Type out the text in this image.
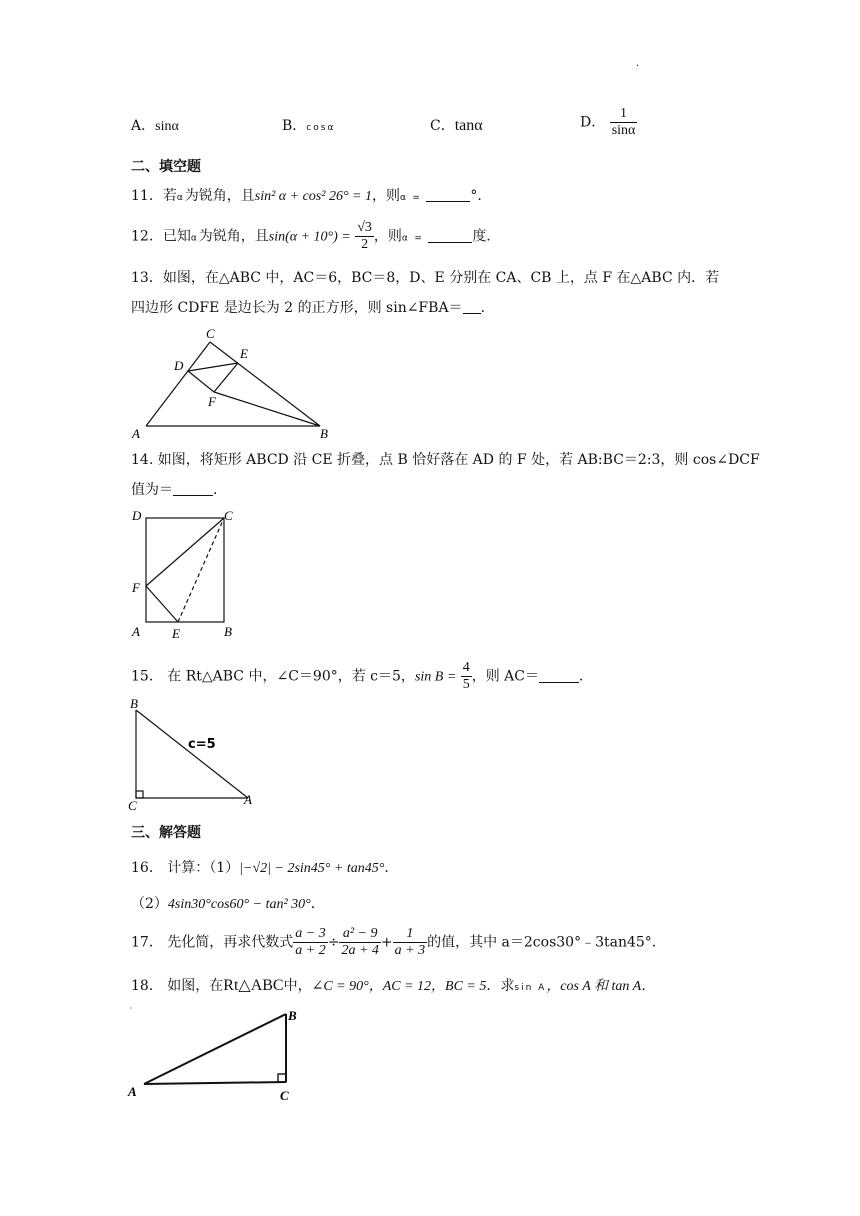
.
A．sinα	B．cosα	C．tanα	D． $\frac{1}{\sin\alpha}$
二、填空题
11．若α为锐角，且sin² α + cos² 26° = 1，则α =	°.
12．已知α为锐角，且$\sin(\alpha + 10^\circ) = \frac{√3}{2}$ ，则α =	度.
13．如图，在△ABC 中，AC＝6，BC＝8，D、E 分别在 CA、CB 上，点 F 在△ABC 内．若
四边形 CDFE 是边长为 2 的正方形，则 sin∠FBA＝ ．
C
D
E
F
A	B
14. 如图，将矩形 ABCD 沿 CE 折叠，点 B 恰好落在 AD 的 F 处，若 AB:BC＝2:3，则 cos∠DCF
值为＝	．
D	C
F
A E	B
15． 在 Rt△ABC 中，∠C＝90°，若 c＝5，$\sin B = \frac{4}{5}$ ，则 AC＝	．
B
C	A
c=5
三、解答题
16． 计算：（1）|−√2| − 2sin45° + tan45°．
（2）4sin30°cos60° − tan² 30°．
17． 先化简，再求代数式 $\frac{a - 3}{a + 2} \div \frac{\text{a² − 9}}{2a + 4} + \frac{1}{a + 3}$ 的值，其中 a＝2cos30°﹣3tan45°．
18． 如图，在Rt△ABC中，∠C = 90°，AC = 12，BC = 5．求sin A，cos A 和 tan A．
A
B
C
